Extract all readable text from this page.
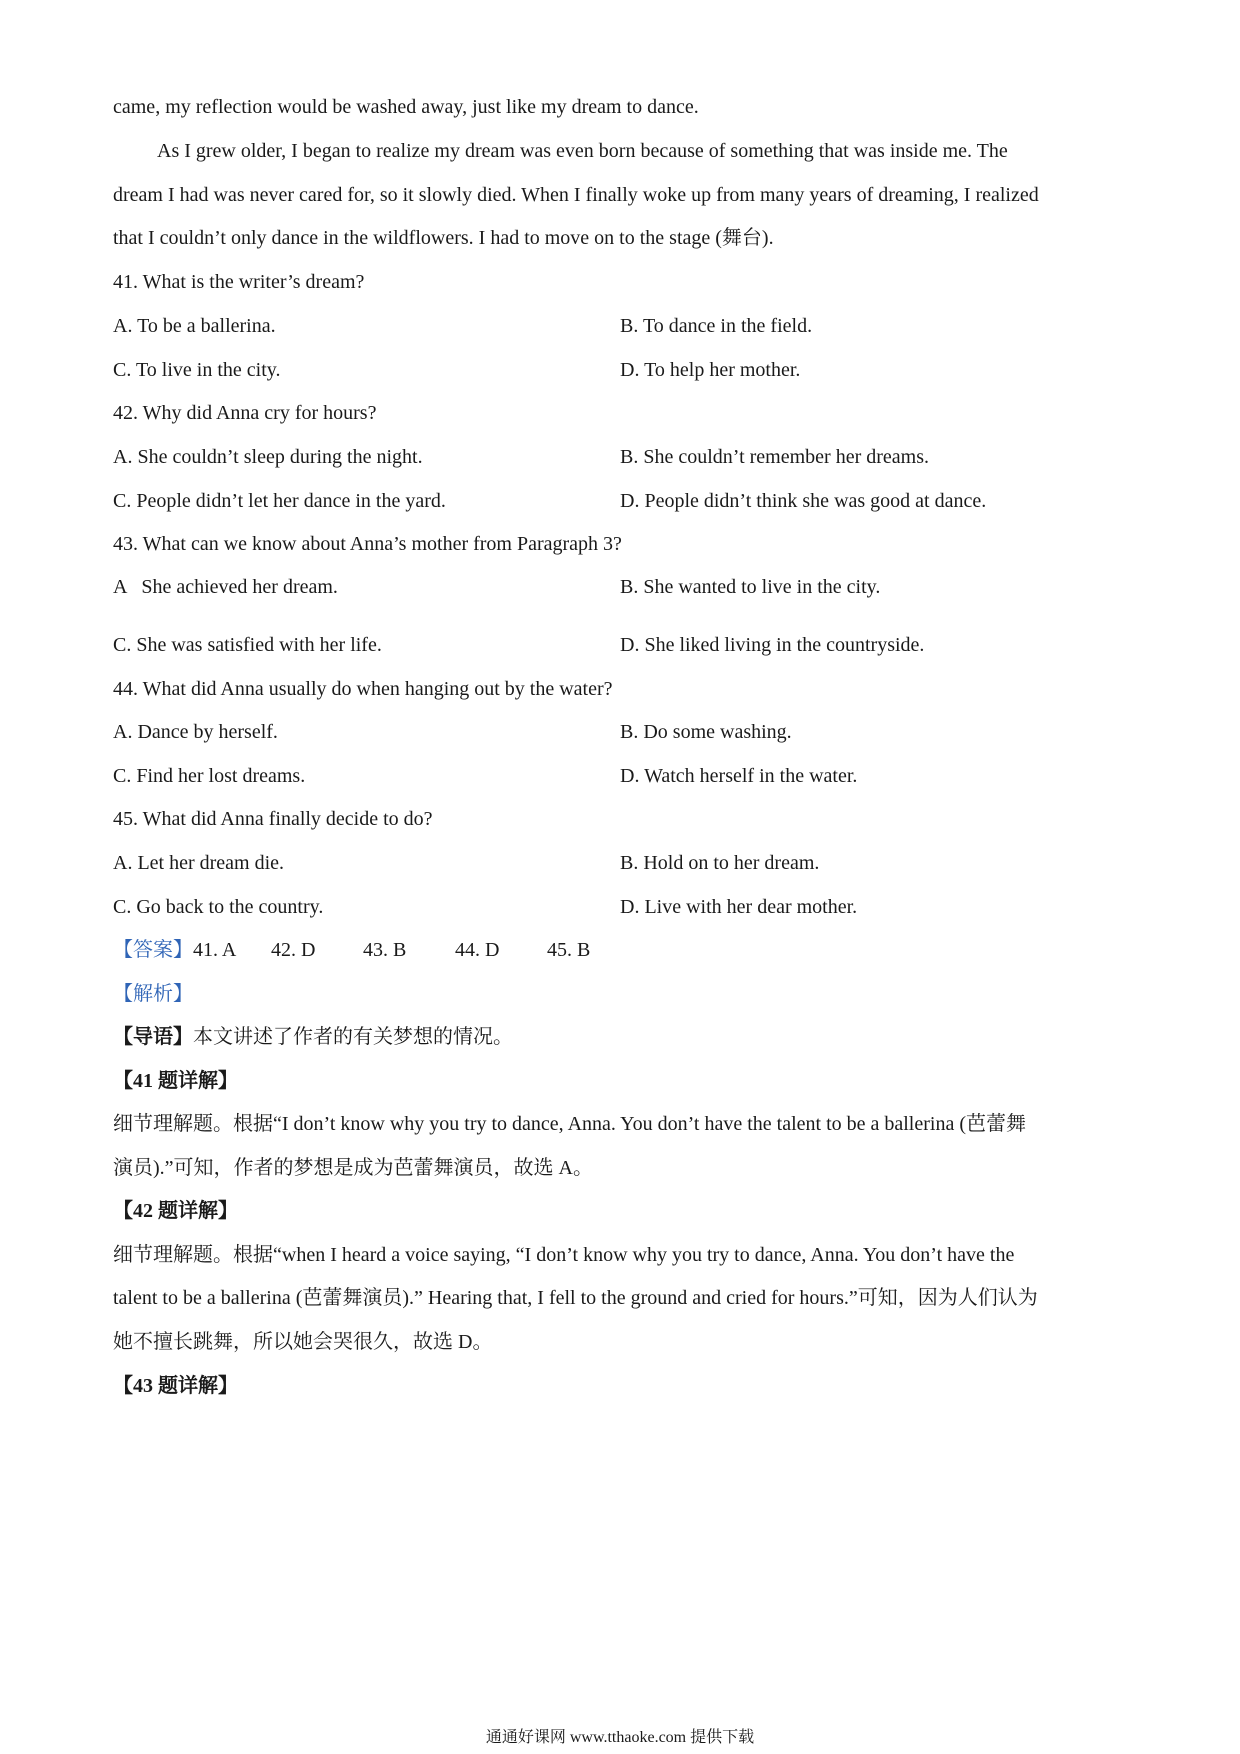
came, my reflection would be washed away, just like my dream to dance.
As I grew older, I began to realize my dream was even born because of something that was inside me. The
dream I had was never cared for, so it slowly died. When I finally woke up from many years of dreaming, I realized
that I couldn’t only dance in the wildflowers. I had to move on to the stage (舞台).
41. What is the writer’s dream?
A. To be a ballerina.	B. To dance in the field.
C. To live in the city.	D. To help her mother.
42. Why did Anna cry for hours?
A. She couldn’t sleep during the night.	B. She couldn’t remember her dreams.
C. People didn’t let her dance in the yard.	D. People didn’t think she was good at dance.
43. What can we know about Anna’s mother from Paragraph 3?
A   She achieved her dream.	B. She wanted to live in the city.
C. She was satisfied with her life.	D. She liked living in the countryside.
44. What did Anna usually do when hanging out by the water?
A. Dance by herself.	B. Do some washing.
C. Find her lost dreams.	D. Watch herself in the water.
45. What did Anna finally decide to do?
A. Let her dream die.	B. Hold on to her dream.
C. Go back to the country.	D. Live with her dear mother.
【答案】41. A 42. D 43. B 44. D 45. B
【解析】
【导语】本文讲述了作者的有关梦想的情况。
【41 题详解】
细节理解题。根据“I don’t know why you try to dance, Anna. You don’t have the talent to be a ballerina (芭蕾舞
演员).”可知，作者的梦想是成为芭蕾舞演员，故选 A。
【42 题详解】
细节理解题。根据“when I heard a voice saying, “I don’t know why you try to dance, Anna. You don’t have the
talent to be a ballerina (芭蕾舞演员).” Hearing that, I fell to the ground and cried for hours.”可知，因为人们认为
她不擅长跳舞，所以她会哭很久，故选 D。
【43 题详解】
通通好课网 www.tthaoke.com 提供下载
